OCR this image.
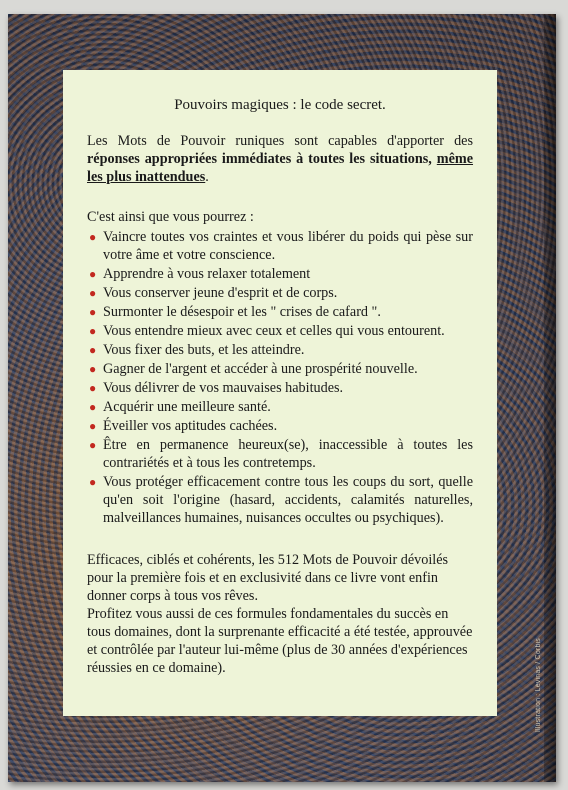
Pouvoirs magiques : le code secret.

Les Mots de Pouvoir runiques sont capables d'apporter des réponses appropriées immédiates à toutes les situations, même les plus inattendues.

C'est ainsi que vous pourrez :

● Vaincre toutes vos craintes et vous libérer du poids qui pèse sur votre âme et votre conscience.
● Apprendre à vous relaxer totalement
● Vous conserver jeune d'esprit et de corps.
● Surmonter le désespoir et les " crises de cafard ".
● Vous entendre mieux avec ceux et celles qui vous entourent.
● Vous fixer des buts, et les atteindre.
● Gagner de l'argent et accéder à une prospérité nouvelle.
● Vous délivrer de vos mauvaises habitudes.
● Acquérir une meilleure santé.
● Éveiller vos aptitudes cachées.
● Être en permanence heureux(se), inaccessible à toutes les contrariétés et à tous les contretemps.
● Vous protéger efficacement contre tous les coups du sort, quelle qu'en soit l'origine (hasard, accidents, calamités naturelles, malveillances humaines, nuisances occultes ou psychiques).

Efficaces, ciblés et cohérents, les 512 Mots de Pouvoir dévoilés pour la première fois et en exclusivité dans ce livre vont enfin donner corps à tous vos rêves.

Profitez vous aussi de ces formules fondamentales du succès en tous domaines, dont la surprenante efficacité a été testée, approuvée et contrôlée par l'auteur lui-même (plus de 30 années d'expériences réussies en ce domaine).	Illustration : Lévinas / Corbis
